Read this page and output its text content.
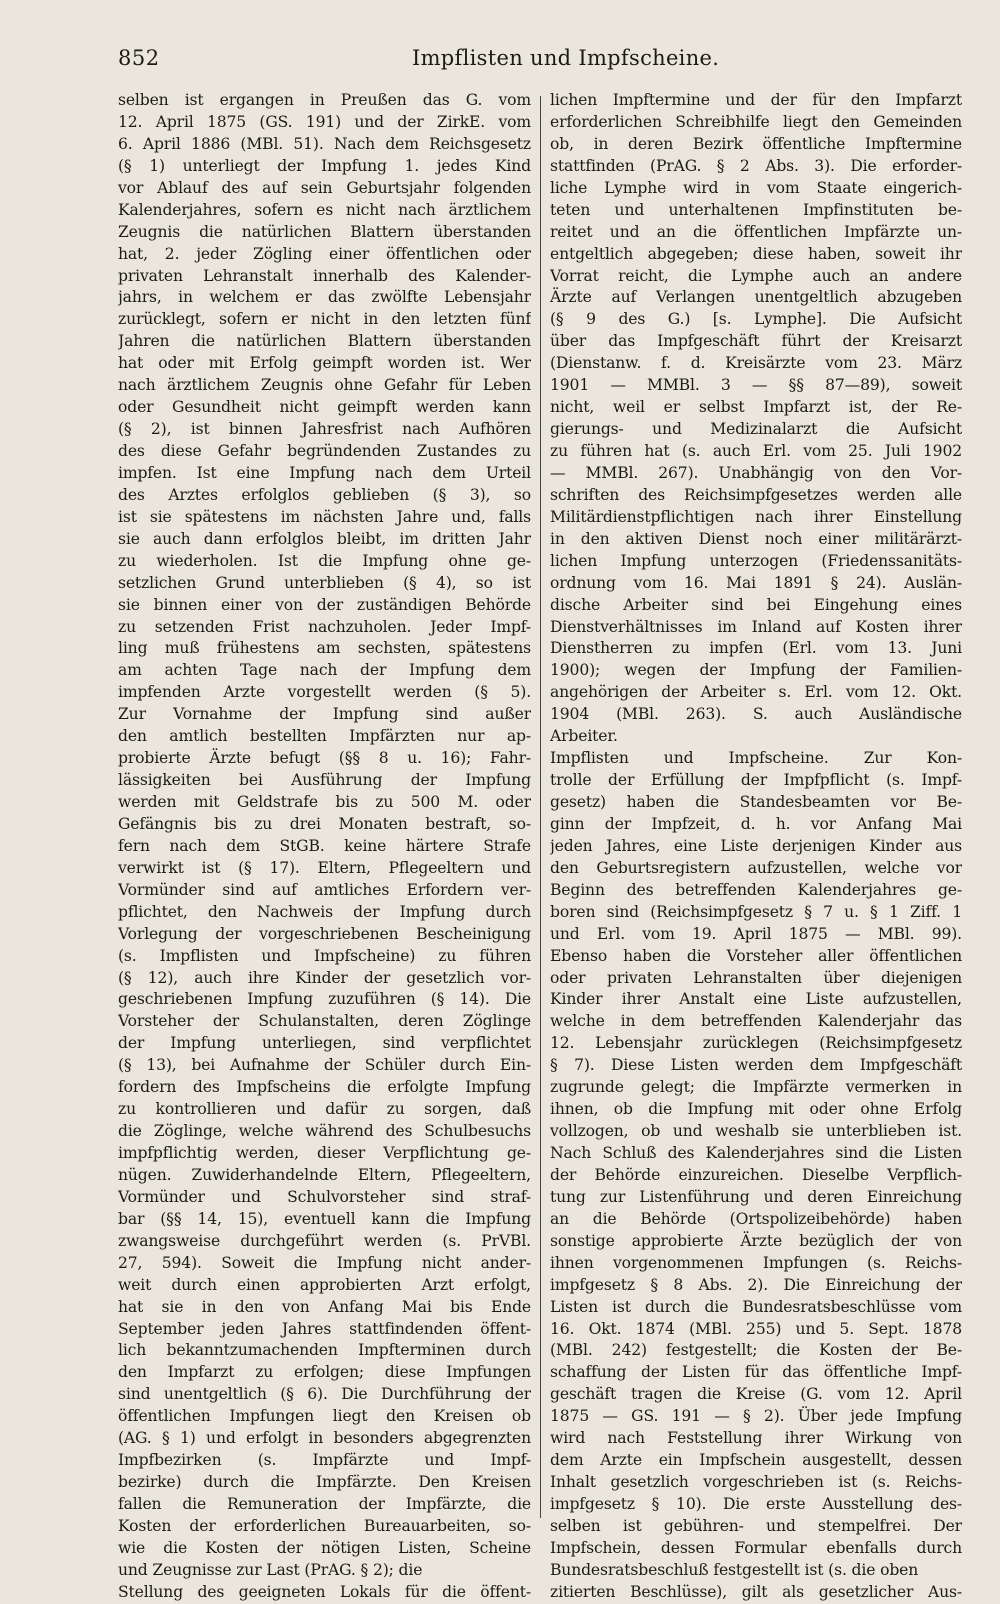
852	Impflisten und Impfscheine.
selben ist ergangen in Preußen das G. vom
12. April 1875 (GS. 191) und der ZirkE. vom
6. April 1886 (MBl. 51). Nach dem Reichsgesetz
(§ 1) unterliegt der Impfung 1. jedes Kind
vor Ablauf des auf sein Geburtsjahr folgenden
Kalenderjahres, sofern es nicht nach ärztlichem
Zeugnis die natürlichen Blattern überstanden
hat, 2. jeder Zögling einer öffentlichen oder
privaten Lehranstalt innerhalb des Kalender-
jahrs, in welchem er das zwölfte Lebensjahr
zurücklegt, sofern er nicht in den letzten fünf
Jahren die natürlichen Blattern überstanden
hat oder mit Erfolg geimpft worden ist. Wer
nach ärztlichem Zeugnis ohne Gefahr für Leben
oder Gesundheit nicht geimpft werden kann
(§ 2), ist binnen Jahresfrist nach Aufhören
des diese Gefahr begründenden Zustandes zu
impfen. Ist eine Impfung nach dem Urteil
des Arztes erfolglos geblieben (§ 3), so
ist sie spätestens im nächsten Jahre und, falls
sie auch dann erfolglos bleibt, im dritten Jahr
zu wiederholen. Ist die Impfung ohne ge-
setzlichen Grund unterblieben (§ 4), so ist
sie binnen einer von der zuständigen Behörde
zu setzenden Frist nachzuholen. Jeder Impf-
ling muß frühestens am sechsten, spätestens
am achten Tage nach der Impfung dem
impfenden Arzte vorgestellt werden (§ 5).
Zur Vornahme der Impfung sind außer
den amtlich bestellten Impfärzten nur ap-
probierte Ärzte befugt (§§ 8 u. 16); Fahr-
lässigkeiten bei Ausführung der Impfung
werden mit Geldstrafe bis zu 500 M. oder
Gefängnis bis zu drei Monaten bestraft, so-
fern nach dem StGB. keine härtere Strafe
verwirkt ist (§ 17). Eltern, Pflegeeltern und
Vormünder sind auf amtliches Erfordern ver-
pflichtet, den Nachweis der Impfung durch
Vorlegung der vorgeschriebenen Bescheinigung
(s. Impflisten und Impfscheine) zu führen
(§ 12), auch ihre Kinder der gesetzlich vor-
geschriebenen Impfung zuzuführen (§ 14). Die
Vorsteher der Schulanstalten, deren Zöglinge
der Impfung unterliegen, sind verpflichtet
(§ 13), bei Aufnahme der Schüler durch Ein-
fordern des Impfscheins die erfolgte Impfung
zu kontrollieren und dafür zu sorgen, daß
die Zöglinge, welche während des Schulbesuchs
impfpflichtig werden, dieser Verpflichtung ge-
nügen. Zuwiderhandelnde Eltern, Pflegeeltern,
Vormünder und Schulvorsteher sind straf-
bar (§§ 14, 15), eventuell kann die Impfung
zwangsweise durchgeführt werden (s. PrVBl.
27, 594). Soweit die Impfung nicht ander-
weit durch einen approbierten Arzt erfolgt,
hat sie in den von Anfang Mai bis Ende
September jeden Jahres stattfindenden öffent-
lich bekanntzumachenden Impfterminen durch
den Impfarzt zu erfolgen; diese Impfungen
sind unentgeltlich (§ 6). Die Durchführung der
öffentlichen Impfungen liegt den Kreisen ob
(AG. § 1) und erfolgt in besonders abgegrenzten
Impfbezirken (s. Impfärzte und Impf-
bezirke) durch die Impfärzte. Den Kreisen
fallen die Remuneration der Impfärzte, die
Kosten der erforderlichen Bureauarbeiten, so-
wie die Kosten der nötigen Listen, Scheine
und Zeugnisse zur Last (PrAG. § 2); die
Stellung des geeigneten Lokals für die öffent-
lichen Impftermine und der für den Impfarzt
erforderlichen Schreibhilfe liegt den Gemeinden
ob, in deren Bezirk öffentliche Impftermine
stattfinden (PrAG. § 2 Abs. 3). Die erforder-
liche Lymphe wird in vom Staate eingerich-
teten und unterhaltenen Impfinstituten be-
reitet und an die öffentlichen Impfärzte un-
entgeltlich abgegeben; diese haben, soweit ihr
Vorrat reicht, die Lymphe auch an andere
Ärzte auf Verlangen unentgeltlich abzugeben
(§ 9 des G.) [s. Lymphe]. Die Aufsicht
über das Impfgeschäft führt der Kreisarzt
(Dienstanw. f. d. Kreisärzte vom 23. März
1901 — MMBl. 3 — §§ 87—89), soweit
nicht, weil er selbst Impfarzt ist, der Re-
gierungs- und Medizinalarzt die Aufsicht
zu führen hat (s. auch Erl. vom 25. Juli 1902
— MMBl. 267). Unabhängig von den Vor-
schriften des Reichsimpfgesetzes werden alle
Militärdienstpflichtigen nach ihrer Einstellung
in den aktiven Dienst noch einer militärärzt-
lichen Impfung unterzogen (Friedenssanitäts-
ordnung vom 16. Mai 1891 § 24). Auslän-
dische Arbeiter sind bei Eingehung eines
Dienstverhältnisses im Inland auf Kosten ihrer
Dienstherren zu impfen (Erl. vom 13. Juni
1900); wegen der Impfung der Familien-
angehörigen der Arbeiter s. Erl. vom 12. Okt.
1904 (MBl. 263). S. auch Ausländische
Arbeiter.
Impflisten und Impfscheine. Zur Kon-
trolle der Erfüllung der Impfpflicht (s. Impf-
gesetz) haben die Standesbeamten vor Be-
ginn der Impfzeit, d. h. vor Anfang Mai
jeden Jahres, eine Liste derjenigen Kinder aus
den Geburtsregistern aufzustellen, welche vor
Beginn des betreffenden Kalenderjahres ge-
boren sind (Reichsimpfgesetz § 7 u. § 1 Ziff. 1
und Erl. vom 19. April 1875 — MBl. 99).
Ebenso haben die Vorsteher aller öffentlichen
oder privaten Lehranstalten über diejenigen
Kinder ihrer Anstalt eine Liste aufzustellen,
welche in dem betreffenden Kalenderjahr das
12. Lebensjahr zurücklegen (Reichsimpfgesetz
§ 7). Diese Listen werden dem Impfgeschäft
zugrunde gelegt; die Impfärzte vermerken in
ihnen, ob die Impfung mit oder ohne Erfolg
vollzogen, ob und weshalb sie unterblieben ist.
Nach Schluß des Kalenderjahres sind die Listen
der Behörde einzureichen. Dieselbe Verpflich-
tung zur Listenführung und deren Einreichung
an die Behörde (Ortspolizeibehörde) haben
sonstige approbierte Ärzte bezüglich der von
ihnen vorgenommenen Impfungen (s. Reichs-
impfgesetz § 8 Abs. 2). Die Einreichung der
Listen ist durch die Bundesratsbeschlüsse vom
16. Okt. 1874 (MBl. 255) und 5. Sept. 1878
(MBl. 242) festgestellt; die Kosten der Be-
schaffung der Listen für das öffentliche Impf-
geschäft tragen die Kreise (G. vom 12. April
1875 — GS. 191 — § 2). Über jede Impfung
wird nach Feststellung ihrer Wirkung von
dem Arzte ein Impfschein ausgestellt, dessen
Inhalt gesetzlich vorgeschrieben ist (s. Reichs-
impfgesetz § 10). Die erste Ausstellung des-
selben ist gebühren- und stempelfrei. Der
Impfschein, dessen Formular ebenfalls durch
Bundesratsbeschluß festgestellt ist (s. die oben
zitierten Beschlüsse), gilt als gesetzlicher Aus-
